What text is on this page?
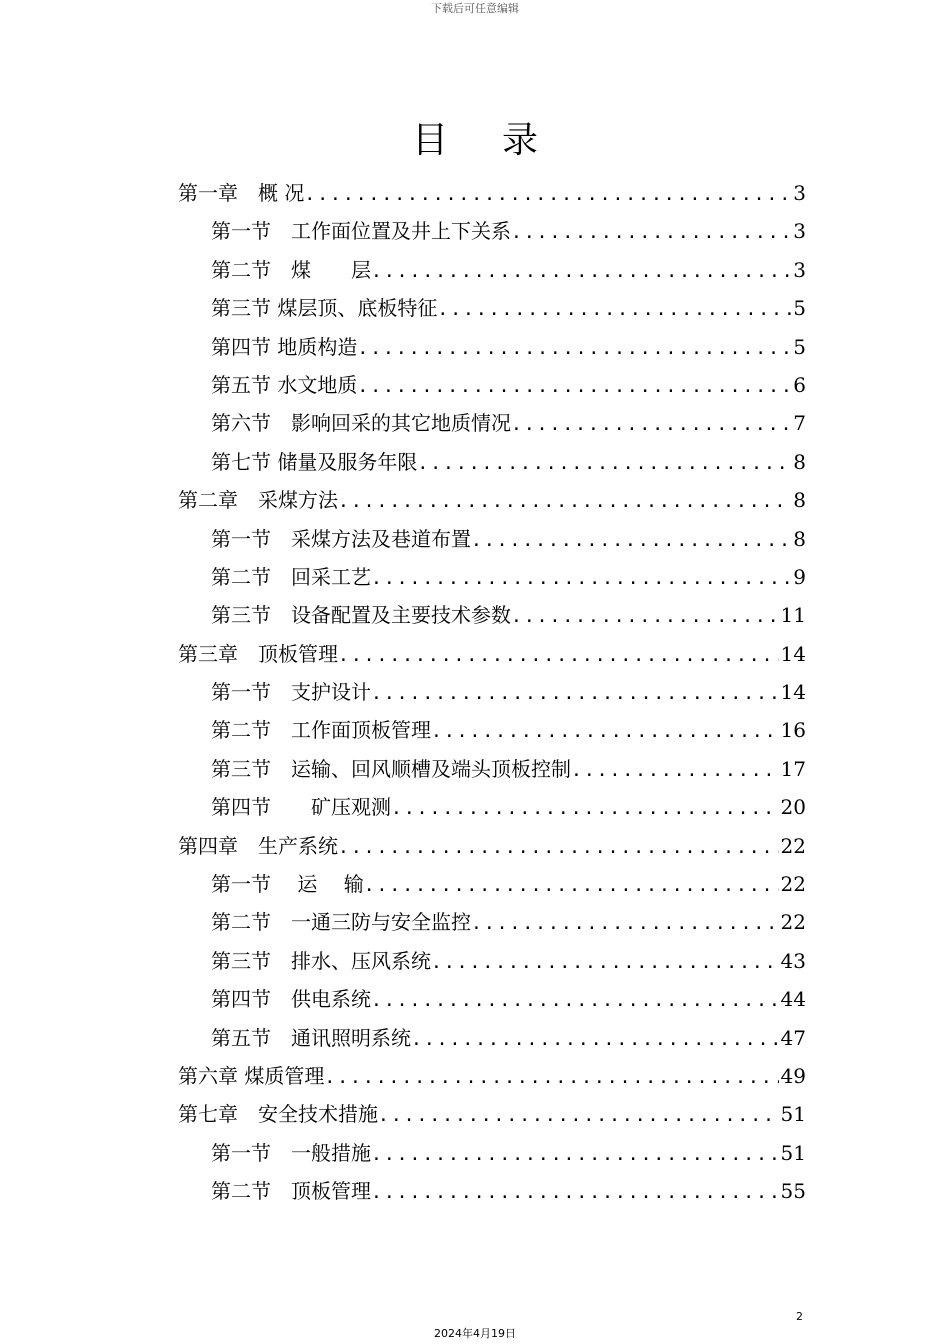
下载后可任意编辑
目录
第一章　概 况 .....	3
第一节　工作面位置及井上下关系 .....	3
第二节　煤　　层 .....	3
第三节 煤层顶、底板特征 .....	5
第四节 地质构造 .....	5
第五节 水文地质 .....	6
第六节　影响回采的其它地质情况 .....	7
第七节 储量及服务年限 .....	8
第二章　采煤方法 .....	8
第一节　采煤方法及巷道布置 .....	8
第二节　回采工艺 .....	9
第三节　设备配置及主要技术参数 .....	11
第三章　顶板管理 .....	14
第一节　支护设计 .....	14
第二节　工作面顶板管理 .....	16
第三节　运输、回风顺槽及端头顶板控制 .....	17
第四节　　矿压观测 .....	20
第四章　生产系统 .....	22
第一节　 运　 输 .....	22
第二节　一通三防与安全监控 .....	22
第三节　排水、压风系统 .....	43
第四节　供电系统 .....	44
第五节　通讯照明系统 .....	47
第六章 煤质管理 .....	49
第七章　安全技术措施 .....	51
第一节　一般措施 .....	51
第二节　顶板管理 .....	55
2
2024年4月19日
